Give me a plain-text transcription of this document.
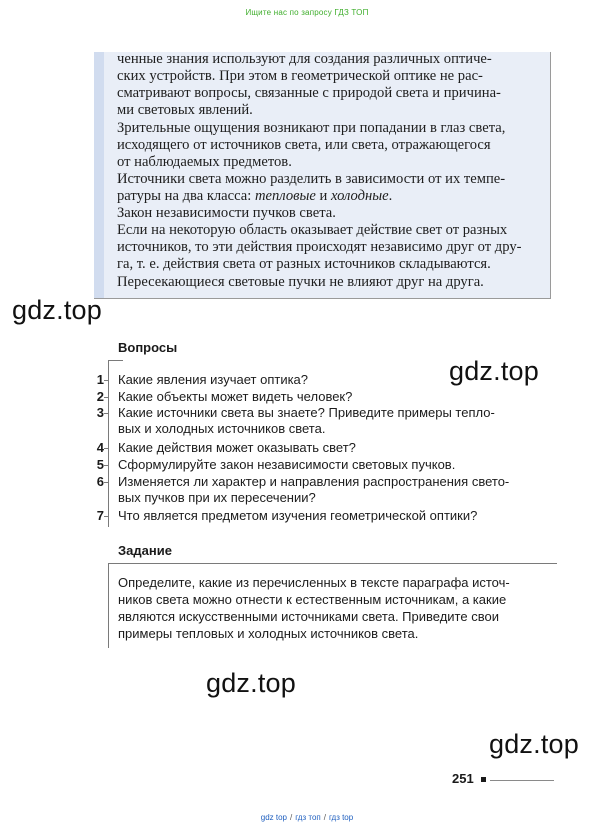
Ищите нас по запросу ГДЗ ТОП
ченные знания используют для создания различных оптиче-
ских устройств. При этом в геометрической оптике не рас-
сматривают вопросы, связанные с природой света и причина-
ми световых явлений.
Зрительные ощущения возникают при попадании в глаз света,
исходящего от источников света, или света, отражающегося
от наблюдаемых предметов.
Источники света можно разделить в зависимости от их темпе-
ратуры на два класса: тепловые и холодные.
Закон независимости пучков света.
Если на некоторую область оказывает действие свет от разных
источников, то эти действия происходят независимо друг от дру-
га, т. е. действия света от разных источников складываются.
Пересекающиеся световые пучки не влияют друг на друга.
gdz.top
gdz.top
gdz.top
gdz.top
Вопросы
1 Какие явления изучает оптика?
2 Какие объекты может видеть человек?
3 Какие источники света вы знаете? Приведите примеры тепло-
вых и холодных источников света.
4 Какие действия может оказывать свет?
5 Сформулируйте закон независимости световых пучков.
6 Изменяется ли характер и направления распространения свето-
вых пучков при их пересечении?
7 Что является предметом изучения геометрической оптики?
Задание
Определите, какие из перечисленных в тексте параграфа источ-
ников света можно отнести к естественным источникам, а какие
являются искусственными источниками света. Приведите свои
примеры тепловых и холодных источников света.
251
gdz top / гдз топ / гдз top
